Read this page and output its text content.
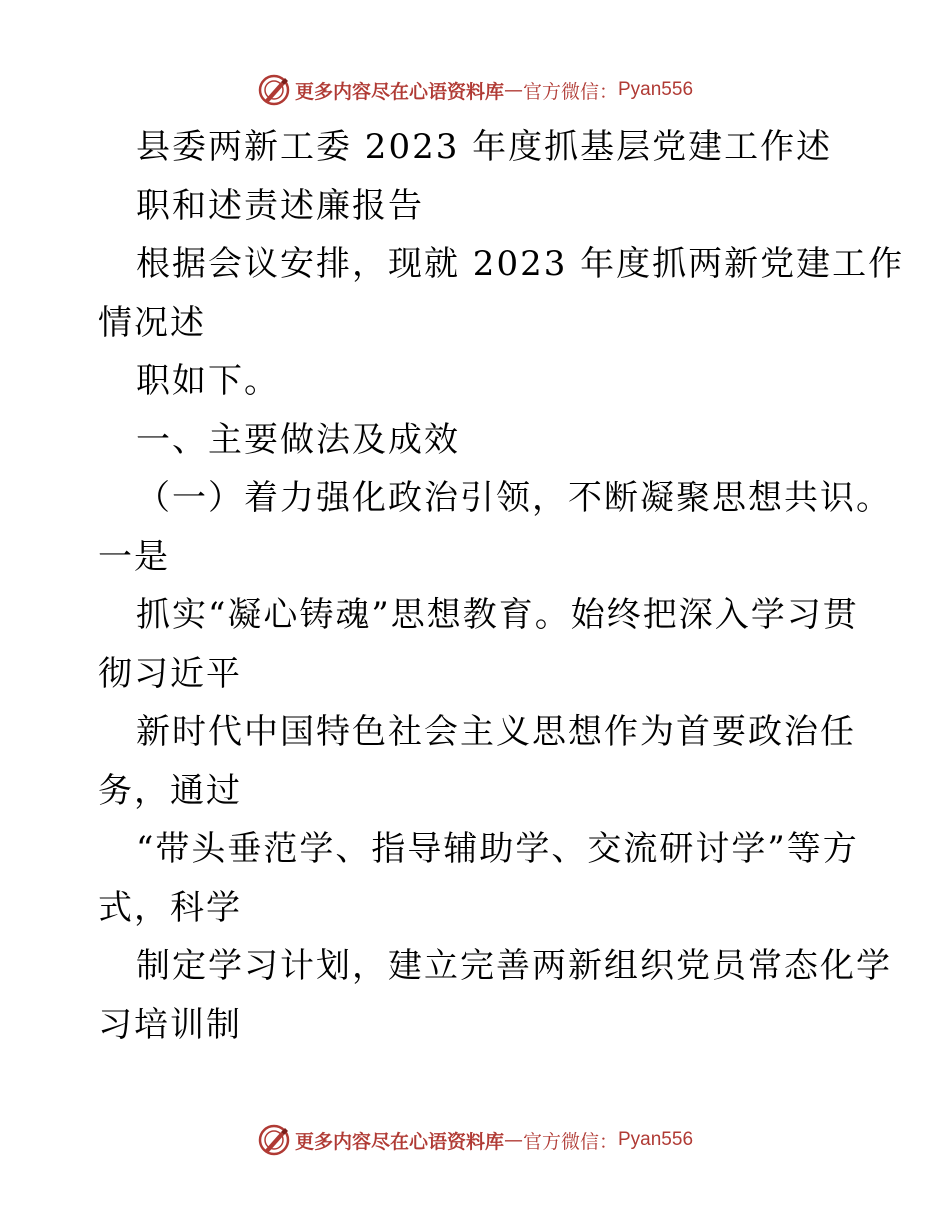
更多内容尽在心语资料库 — 官方微信： Pyan556
县委两新工委 2023 年度抓基层党建工作述
职和述责述廉报告
根据会议安排，现就 2023 年度抓两新党建工作
情况述
职如下。
一、主要做法及成效
（一）着力强化政治引领，不断凝聚思想共识。
一是
抓实“凝心铸魂”思想教育。始终把深入学习贯
彻习近平
新时代中国特色社会主义思想作为首要政治任
务，通过
“带头垂范学、指导辅助学、交流研讨学”等方
式，科学
制定学习计划，建立完善两新组织党员常态化学
习培训制
更多内容尽在心语资料库 — 官方微信： Pyan556
